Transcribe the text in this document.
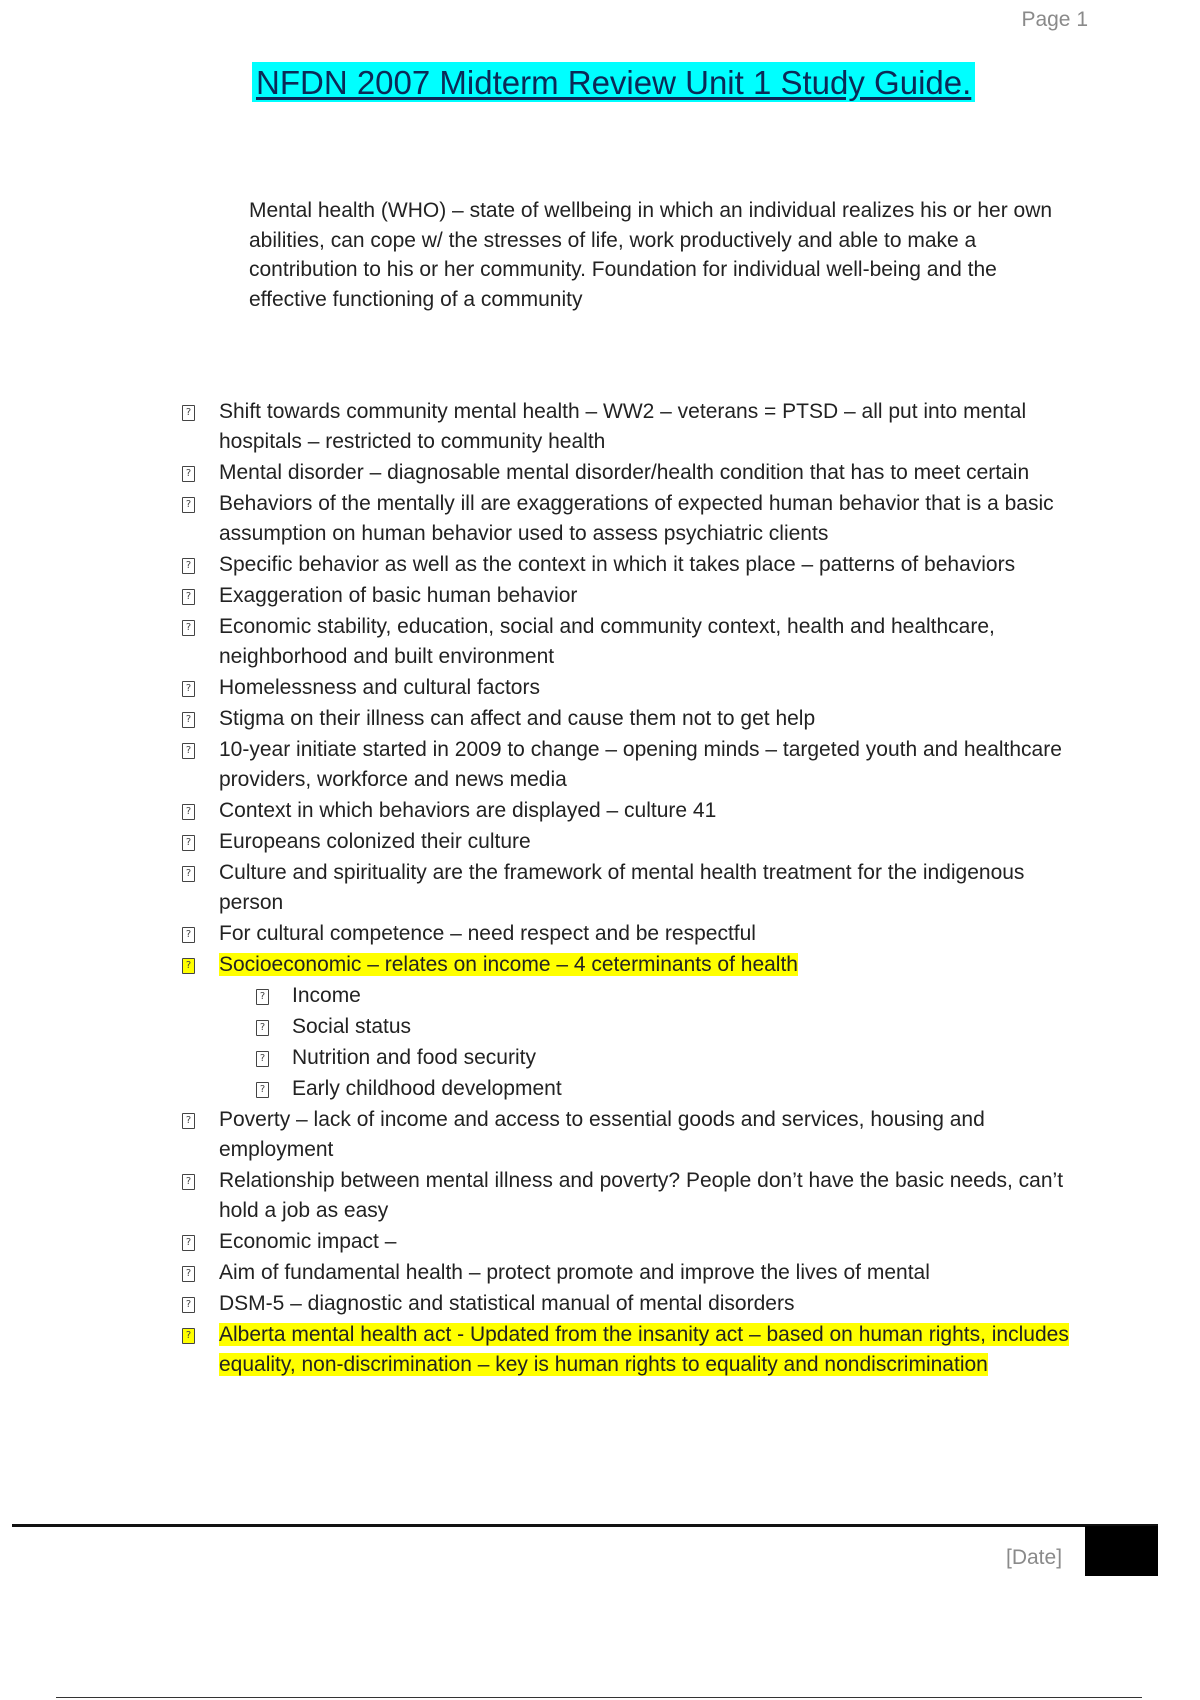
Page 1
NFDN 2007 Midterm Review Unit 1 Study Guide.
Mental health (WHO) – state of wellbeing in which an individual realizes his or her own abilities, can cope w/ the stresses of life, work productively and able to make a contribution to his or her community. Foundation for individual well-being and the effective functioning of a community
? Shift towards community mental health – WW2 – veterans = PTSD – all put into mental hospitals – restricted to community health
? Mental disorder – diagnosable mental disorder/health condition that has to meet certain
? Behaviors of the mentally ill are exaggerations of expected human behavior that is a basic assumption on human behavior used to assess psychiatric clients
? Specific behavior as well as the context in which it takes place – patterns of behaviors
? Exaggeration of basic human behavior
? Economic stability, education, social and community context, health and healthcare, neighborhood and built environment
? Homelessness and cultural factors
? Stigma on their illness can affect and cause them not to get help
? 10-year initiate started in 2009 to change – opening minds – targeted youth and healthcare providers, workforce and news media
? Context in which behaviors are displayed – culture 41
? Europeans colonized their culture
? Culture and spirituality are the framework of mental health treatment for the indigenous person
? For cultural competence – need respect and be respectful
? Socioeconomic – relates on income – 4 ceterminants of health
? Income
? Social status
? Nutrition and food security
? Early childhood development
? Poverty – lack of income and access to essential goods and services, housing and employment
? Relationship between mental illness and poverty? People don’t have the basic needs, can’t hold a job as easy
? Economic impact –
? Aim of fundamental health – protect promote and improve the lives of mental
? DSM-5 – diagnostic and statistical manual of mental disorders
? Alberta mental health act - Updated from the insanity act – based on human rights, includes equality, non-discrimination – key is human rights to equality and nondiscrimination
[Date]
